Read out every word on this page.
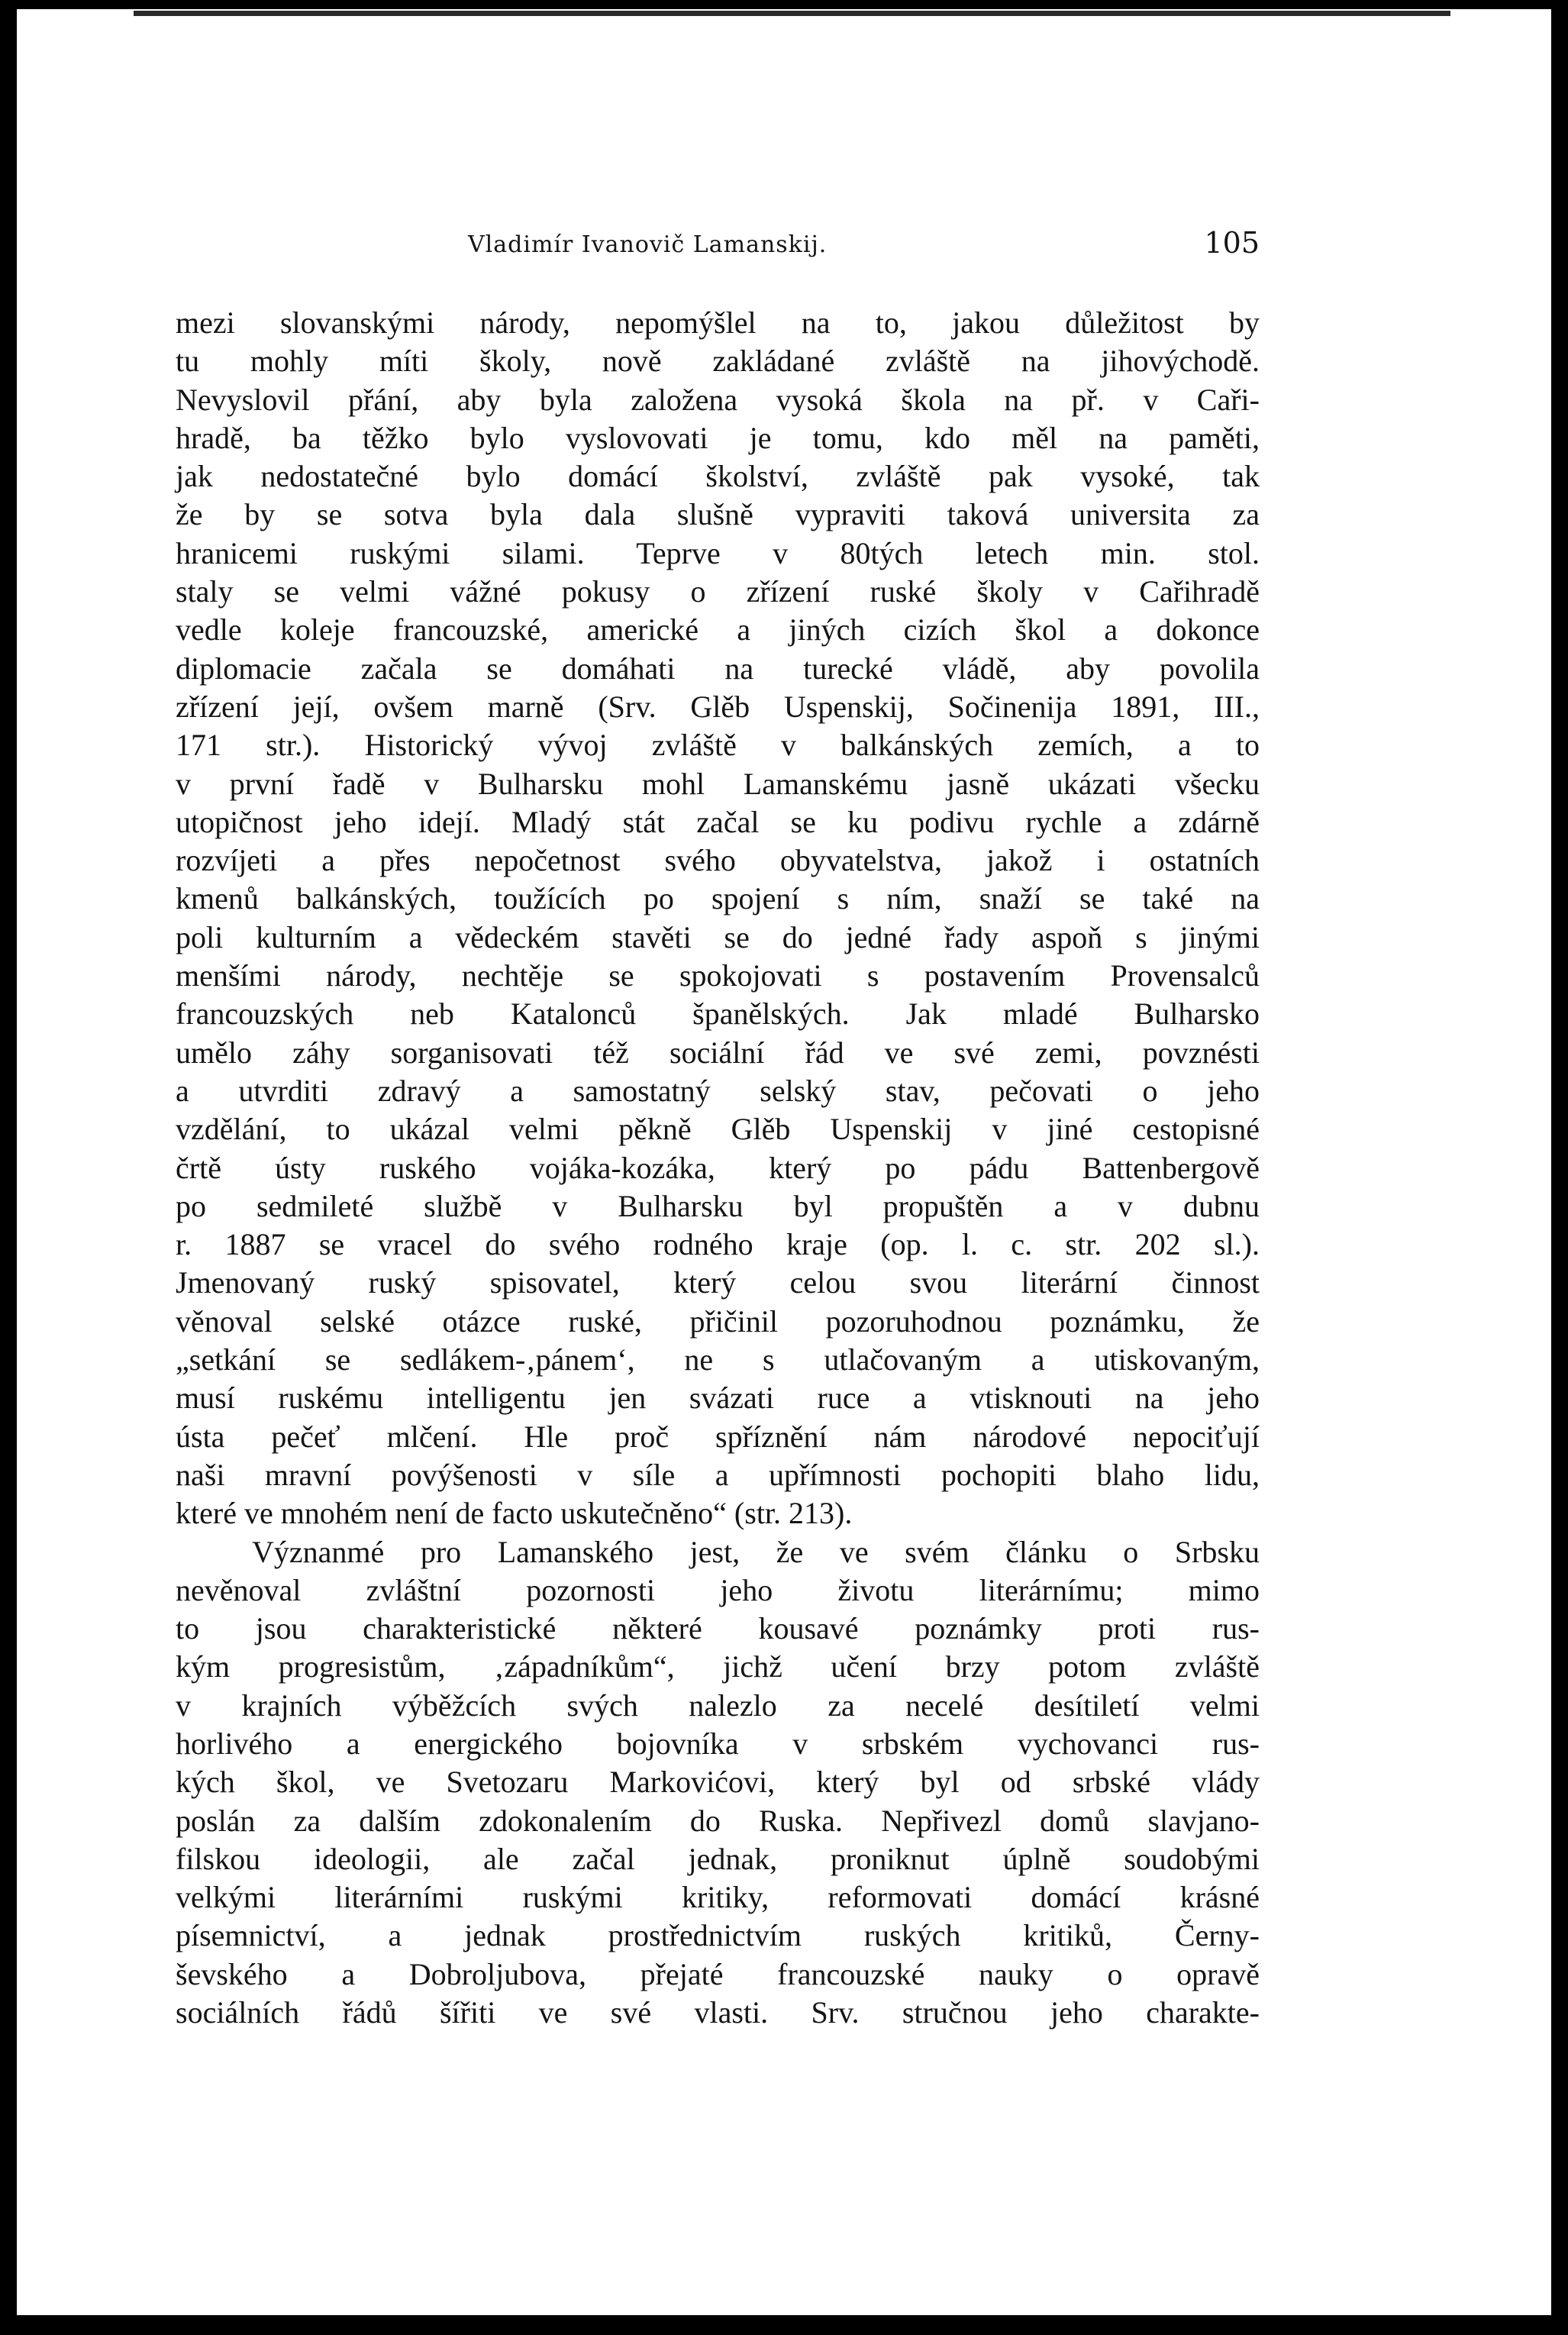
Vladimír Ivanovič Lamanskij.	105
mezi slovanskými národy, nepomýšlel na to, jakou důležitost by
tu mohly míti školy, nově zakládané zvláště na jihovýchodě.
Nevyslovil přání, aby byla založena vysoká škola na př. v Caři-
hradě, ba těžko bylo vyslovovati je tomu, kdo měl na paměti,
jak nedostatečné bylo domácí školství, zvláště pak vysoké, tak
že by se sotva byla dala slušně vypraviti taková universita za
hranicemi ruskými silami. Teprve v 80tých letech min. stol.
staly se velmi vážné pokusy o zřízení ruské školy v Cařihradě
vedle koleje francouzské, americké a jiných cizích škol a dokonce
diplomacie začala se domáhati na turecké vládě, aby povolila
zřízení její, ovšem marně (Srv. Glěb Uspenskij, Sočinenija 1891, III.,
171 str.). Historický vývoj zvláště v balkánských zemích, a to
v první řadě v Bulharsku mohl Lamanskému jasně ukázati všecku
utopičnost jeho idejí. Mladý stát začal se ku podivu rychle a zdárně
rozvíjeti a přes nepočetnost svého obyvatelstva, jakož i ostatních
kmenů balkánských, toužících po spojení s ním, snaží se také na
poli kulturním a vědeckém stavěti se do jedné řady aspoň s jinými
menšími národy, nechtěje se spokojovati s postavením Provensalců
francouzských neb Katalonců španělských. Jak mladé Bulharsko
umělo záhy sorganisovati též sociální řád ve své zemi, povznésti
a utvrditi zdravý a samostatný selský stav, pečovati o jeho
vzdělání, to ukázal velmi pěkně Glěb Uspenskij v jiné cestopisné
črtě ústy ruského vojáka-kozáka, který po pádu Battenbergově
po sedmileté službě v Bulharsku byl propuštěn a v dubnu
r. 1887 se vracel do svého rodného kraje (op. l. c. str. 202 sl.).
Jmenovaný ruský spisovatel, který celou svou literární činnost
věnoval selské otázce ruské, přičinil pozoruhodnou poznámku, že
„setkání se sedlákem-‚pánem‘, ne s utlačovaným a utiskovaným,
musí ruskému intelligentu jen svázati ruce a vtisknouti na jeho
ústa pečeť mlčení. Hle proč spříznění nám národové nepociťují
naši mravní povýšenosti v síle a upřímnosti pochopiti blaho lidu,
které ve mnohém není de facto uskutečněno“ (str. 213).
Význanmé pro Lamanského jest, že ve svém článku o Srbsku
nevěnoval zvláštní pozornosti jeho životu literárnímu; mimo
to jsou charakteristické některé kousavé poznámky proti rus-
kým progresistům, ‚západníkům“, jichž učení brzy potom zvláště
v krajních výběžcích svých nalezlo za necelé desítiletí velmi
horlivého a energického bojovníka v srbském vychovanci rus-
kých škol, ve Svetozaru Markovićovi, který byl od srbské vlády
poslán za dalším zdokonalením do Ruska. Nepřivezl domů slavjano-
filskou ideologii, ale začal jednak, proniknut úplně soudobými
velkými literárními ruskými kritiky, reformovati domácí krásné
písemnictví, a jednak prostřednictvím ruských kritiků, Černy-
ševského a Dobroljubova, přejaté francouzské nauky o opravě
sociálních řádů šířiti ve své vlasti. Srv. stručnou jeho charakte-
